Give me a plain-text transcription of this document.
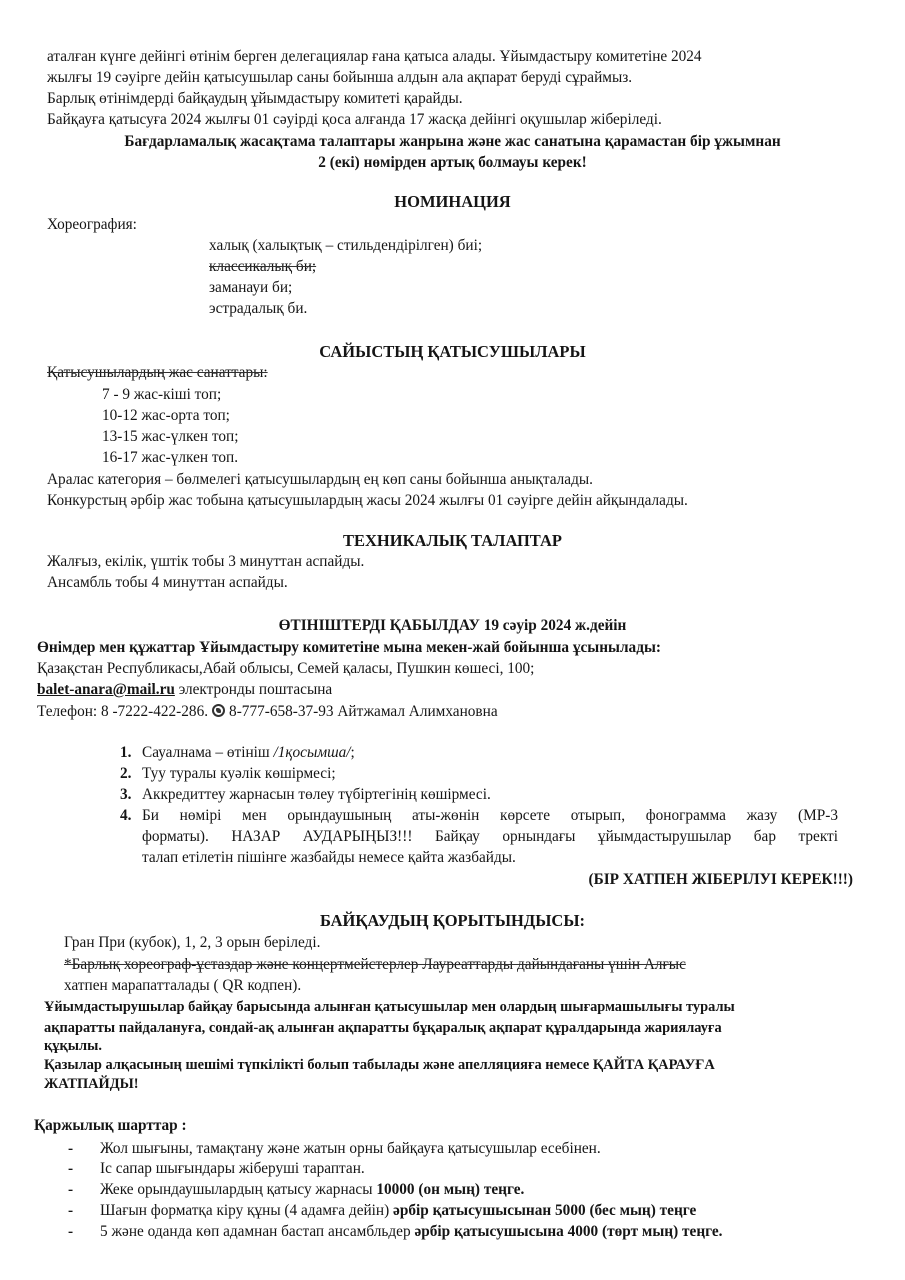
аталған күнге дейінгі өтінім берген делегациялар ғана қатыса алады. Ұйымдастыру комитетіне 2024
жылғы 19 сәуірге дейін қатысушылар саны бойынша алдын ала ақпарат беруді сұраймыз.
Барлық өтінімдерді байқаудың ұйымдастыру комитеті қарайды.
Байқауға қатысуға 2024 жылғы 01 сәуірді қоса алғанда 17 жасқа дейінгі оқушылар жіберіледі.
Бағдарламалық жасақтама талаптары жанрына және жас санатына қарамастан бір ұжымнан
2 (екі) нөмірден артық болмауы керек!
НОМИНАЦИЯ
Хореография:
халық (халықтық – стильдендірілген) биі;
классикалық би;
заманауи би;
эстрадалық би.
САЙЫСТЫҢ ҚАТЫСУШЫЛАРЫ
Қатысушылардың жас санаттары:
7 - 9 жас-кіші топ;
10-12 жас-орта топ;
13-15 жас-үлкен топ;
16-17 жас-үлкен топ.
Аралас категория – бөлмелегі қатысушылардың ең көп саны бойынша анықталады.
Конкурстың әрбір жас тобына қатысушылардың жасы 2024 жылғы 01 сәуірге дейін айқындалады.
ТЕХНИКАЛЫҚ ТАЛАПТАР
Жалғыз, екілік, үштік тобы 3 минуттан аспайды.
Ансамбль тобы 4 минуттан аспайды.
ӨТІНІШТЕРДІ ҚАБЫЛДАУ 19 сәуір 2024 ж.дейін
Өнімдер мен құжаттар Ұйымдастыру комитетіне мына мекен-жай бойынша ұсынылады:
Қазақстан Республикасы,Абай облысы, Семей қаласы, Пушкин көшесі, 100;
balet-anara@mail.ru электронды поштасына
Телефон: 8 -7222-422-286. 8-777-658-37-93 Айтжамал Алимхановна
1. Сауалнама – өтініш /1қосымша/;
2. Туу туралы куәлік көшірмесі;
3. Аккредиттеу жарнасын төлеу түбіртегінің көшірмесі.
4. Би нөмірі мен орындаушының аты-жөнін көрсете отырып, фонограмма жазу (МР-3
форматы). НАЗАР АУДАРЫҢЫЗ!!! Байқау орнындағы ұйымдастырушылар бар тректі
талап етілетін пішінге жазбайды немесе қайта жазбайды.
(БІР ХАТПЕН ЖІБЕРІЛУІ КЕРЕК!!!)
БАЙҚАУДЫҢ ҚОРЫТЫНДЫСЫ:
Гран При (кубок), 1, 2, 3 орын беріледі.
*Барлық хореограф-ұстаздар және концертмейстерлер Лауреаттарды дайындағаны үшін Алғыс
хатпен марапатталады ( QR кодпен).
Ұйымдастырушылар байқау барысында алынған қатысушылар мен олардың шығармашылығы туралы
ақпаратты пайдалануға, сондай-ақ алынған ақпаратты бұқаралық ақпарат құралдарында жариялауға
құқылы.
Қазылар алқасының шешімі түпкілікті болып табылады және апелляцияға немесе ҚАЙТА ҚАРАУҒА
ЖАТПАЙДЫ!
Қаржылық шарттар :
- Жол шығыны, тамақтану және жатын орны байқауға қатысушылар есебінен.
- Іс сапар шығындары жіберуші тараптан.
- Жеке орындаушылардың қатысу жарнасы 10000 (он мың) теңге.
- Шағын форматқа кіру құны (4 адамға дейін) әрбір қатысушысынан 5000 (бес мың) теңге
- 5 және оданда көп адамнан бастап ансамбльдер әрбір қатысушысына 4000 (төрт мың) теңге.
